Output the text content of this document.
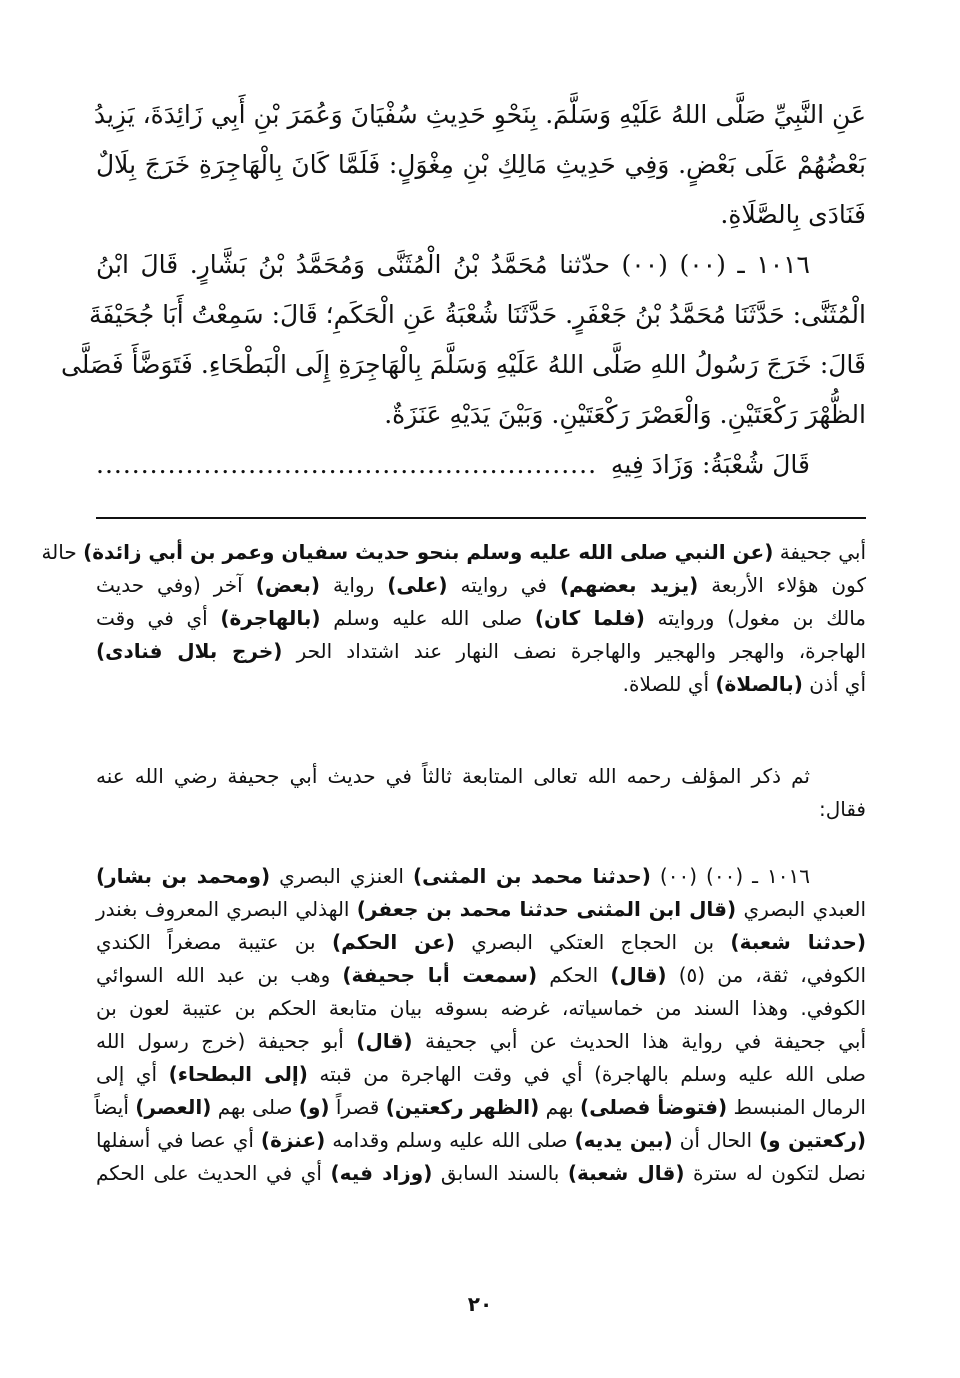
عَنِ النَّبِيِّ صَلَّى اللهُ عَلَيْهِ وَسَلَّمَ. بِنَحْوِ حَدِيثِ سُفْيَانَ وَعُمَرَ بْنِ أَبِي زَائِدَةَ، يَزِيدُ
بَعْضُهُمْ عَلَى بَعْضٍ. وَفِي حَدِيثِ مَالِكِ بْنِ مِغْوَلٍ: فَلَمَّا كَانَ بِالْهَاجِرَةِ خَرَجَ بِلَالٌ
فَنَادَى بِالصَّلَاةِ.
١٠١٦ ـ (٠٠) (٠٠) حدّثنا مُحَمَّدُ بْنُ الْمُثَنَّى وَمُحَمَّدُ بْنُ بَشَّارٍ. قَالَ ابْنُ
الْمُثَنَّى: حَدَّثَنَا مُحَمَّدُ بْنُ جَعْفَرٍ. حَدَّثَنَا شُعْبَةُ عَنِ الْحَكَمِ؛ قَالَ: سَمِعْتُ أَبَا جُحَيْفَةَ
قَالَ: خَرَجَ رَسُولُ اللهِ صَلَّى اللهُ عَلَيْهِ وَسَلَّمَ بِالْهَاجِرَةِ إِلَى الْبَطْحَاءِ. فَتَوَضَّأَ فَصَلَّى
الظُّهْرَ رَكْعَتَيْنِ. وَالْعَصْرَ رَكْعَتَيْنِ. وَبَيْنَ يَدَيْهِ عَنَزَةٌ.
قَالَ شُعْبَةُ: وَزَادَ فِيهِ
........................................................
أبي جحيفة (عن النبي صلى الله عليه وسلم بنحو حديث سفيان وعمر بن أبي زائدة) حالة
كون هؤلاء الأربعة (يزيد بعضهم) في روايته (على) رواية (بعض) آخر (وفي حديث
مالك بن مغول) وروايته (فلما كان) صلى الله عليه وسلم (بالهاجرة) أي في وقت
الهاجرة، والهجر والهجير والهاجرة نصف النهار عند اشتداد الحر (خرج بلال فنادى)
أي أذن (بالصلاة) أي للصلاة.
ثم ذكر المؤلف رحمه الله تعالى المتابعة ثالثاً في حديث أبي جحيفة رضي الله عنه
فقال:
١٠١٦ ـ (٠٠) (٠٠) (حدثنا محمد بن المثنى) العنزي البصري (ومحمد بن بشار)
العبدي البصري (قال ابن المثنى حدثنا محمد بن جعفر) الهذلي البصري المعروف بغندر
(حدثنا شعبة) بن الحجاج العتكي البصري (عن الحكم) بن عتيبة مصغراً الكندي
الكوفي، ثقة، من (٥) (قال) الحكم (سمعت أبا جحيفة) وهب بن عبد الله السوائي
الكوفي. وهذا السند من خماسياته، غرضه بسوقه بيان متابعة الحكم بن عتيبة لعون بن
أبي جحيفة في رواية هذا الحديث عن أبي جحيفة (قال) أبو جحيفة (خرج رسول الله
صلى الله عليه وسلم بالهاجرة) أي في وقت الهاجرة من قبته (إلى البطحاء) أي إلى
الرمال المنبسط (فتوضأ فصلى) بهم (الظهر ركعتين) قصراً (و) صلى بهم (العصر) أيضاً
(ركعتين و) الحال أن (بين يديه) صلى الله عليه وسلم وقدامه (عنزة) أي عصا في أسفلها
نصل لتكون له سترة (قال شعبة) بالسند السابق (وزاد فيه) أي في الحديث على الحكم
٢٠
